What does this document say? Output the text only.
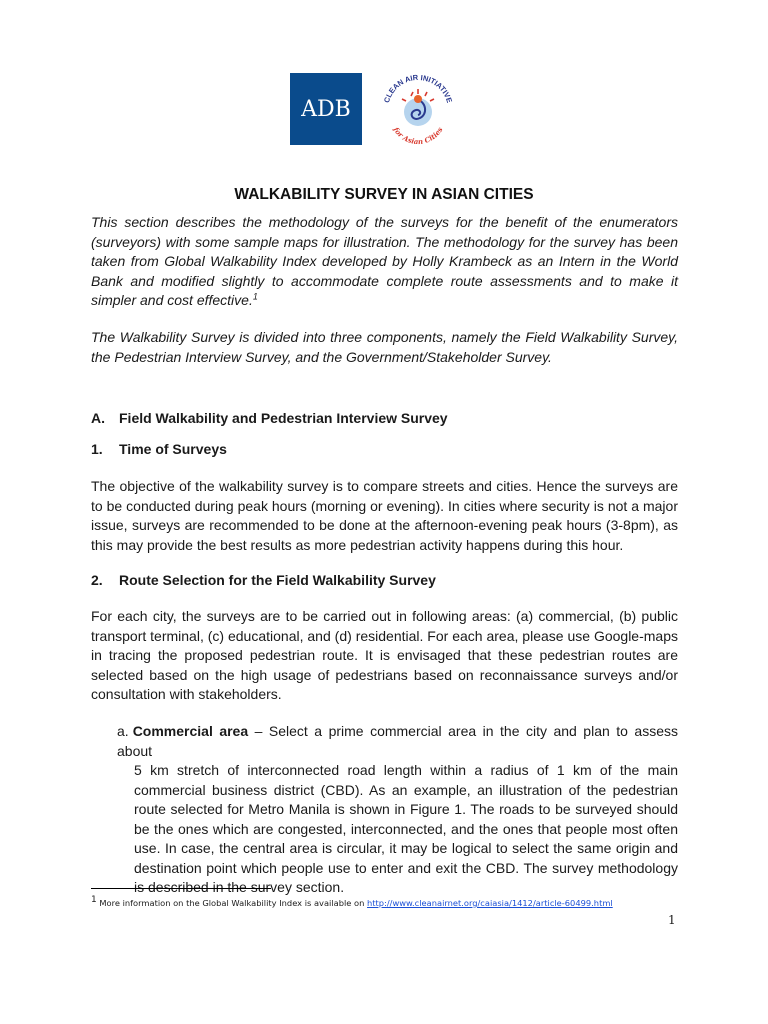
ADB	CLEAN AIR INITIATIVE
for Asian Cities
WALKABILITY SURVEY IN ASIAN CITIES

This section describes the methodology of the surveys for the benefit of the enumerators (surveyors) with some sample maps for illustration. The methodology for the survey has been taken from Global Walkability Index developed by Holly Krambeck as an Intern in the World Bank and modified slightly to accommodate complete route assessments and to make it simpler and cost effective.$^1$

The Walkability Survey is divided into three components, namely the Field Walkability Survey, the Pedestrian Interview Survey, and the Government/Stakeholder Survey.

A. Field Walkability and Pedestrian Interview Survey
1. Time of Surveys

The objective of the walkability survey is to compare streets and cities. Hence the surveys are to be conducted during peak hours (morning or evening). In cities where security is not a major issue, surveys are recommended to be done at the afternoon-evening peak hours (3-8pm), as this may provide the best results as more pedestrian activity happens during this hour.

2. Route Selection for the Field Walkability Survey

For each city, the surveys are to be carried out in following areas: (a) commercial, (b) public transport terminal, (c) educational, and (d) residential. For each area, please use Google-maps in tracing the proposed pedestrian route. It is envisaged that these pedestrian routes are selected based on the high usage of pedestrians based on reconnaissance surveys and/or consultation with stakeholders.

a. Commercial area – Select a prime commercial area in the city and plan to assess about
5 km stretch of interconnected road length within a radius of 1 km of the main commercial business district (CBD). As an example, an illustration of the pedestrian route selected for Metro Manila is shown in Figure 1. The roads to be surveyed should be the ones which are congested, interconnected, and the ones that people most often use. In case, the central area is circular, it may be logical to select the same origin and destination point which people use to enter and exit the CBD. The survey methodology is described in the survey section.
$^1$ More information on the Global Walkability Index is available on http://www.cleanairnet.org/caiasia/1412/article-60499.html
1
